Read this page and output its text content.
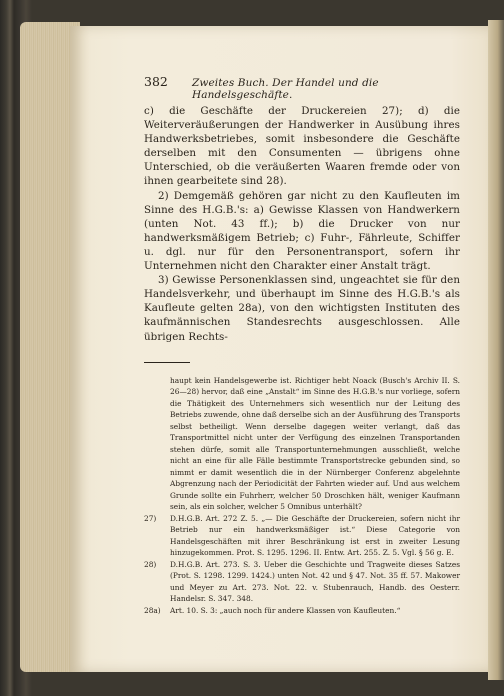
382	Zweites Buch. Der Handel und die Handelsgeschäfte.

c) die Geschäfte der Druckereien 27); d) die Weiterveräußerungen der Handwerker in Ausübung ihres Handwerksbetriebes, somit insbesondere die Geschäfte derselben mit den Consumenten — übrigens ohne Unterschied, ob die veräußerten Waaren fremde oder von ihnen gearbeitete sind 28).

2) Demgemäß gehören gar nicht zu den Kaufleuten im Sinne des H.G.B.'s: a) Gewisse Klassen von Handwerkern (unten Not. 43 ff.); b) die Drucker von nur handwerksmäßigem Betrieb; c) Fuhr-, Fährleute, Schiffer u. dgl. nur für den Personentransport, sofern ihr Unternehmen nicht den Charakter einer Anstalt trägt.

3) Gewisse Personenklassen sind, ungeachtet sie für den Handelsverkehr, und überhaupt im Sinne des H.G.B.'s als Kaufleute gelten 28a), von den wichtigsten Instituten des kaufmännischen Standesrechts ausgeschlossen. Alle übrigen Rechts-

haupt kein Handelsgewerbe ist. Richtiger hebt Noack (Busch's Archiv II. S. 26—28) hervor, daß eine „Anstalt“ im Sinne des H.G.B.'s nur vorliege, sofern die Thätigkeit des Unternehmers sich wesentlich nur der Leitung des Betriebs zuwende, ohne daß derselbe sich an der Ausführung des Transports selbst betheiligt. Wenn derselbe dagegen weiter verlangt, daß das Transportmittel nicht unter der Verfügung des einzelnen Transportanden stehen dürfe, somit alle Transportunternehmungen ausschließt, welche nicht an eine für alle Fälle bestimmte Transportstrecke gebunden sind, so nimmt er damit wesentlich die in der Nürnberger Conferenz abgelehnte Abgrenzung nach der Periodicität der Fahrten wieder auf. Und aus welchem Grunde sollte ein Fuhrherr, welcher 50 Droschken hält, weniger Kaufmann sein, als ein solcher, welcher 5 Omnibus unterhält?
27)	D.H.G.B. Art. 272 Z. 5. „— Die Geschäfte der Druckereien, sofern nicht ihr Betrieb nur ein handwerksmäßiger ist.“ Diese Categorie von Handelsgeschäften mit ihrer Beschränkung ist erst in zweiter Lesung hinzugekommen. Prot. S. 1295. 1296. II. Entw. Art. 255. Z. 5. Vgl. § 56 g. E.
28)	D.H.G.B. Art. 273. S. 3. Ueber die Geschichte und Tragweite dieses Satzes (Prot. S. 1298. 1299. 1424.) unten Not. 42 und § 47. Not. 35 ff. 57. Makower und Meyer zu Art. 273. Not. 22. v. Stubenrauch, Handb. des Oesterr. Handelsr. S. 347. 348.
28a)	Art. 10. S. 3: „auch noch für andere Klassen von Kaufleuten.“
